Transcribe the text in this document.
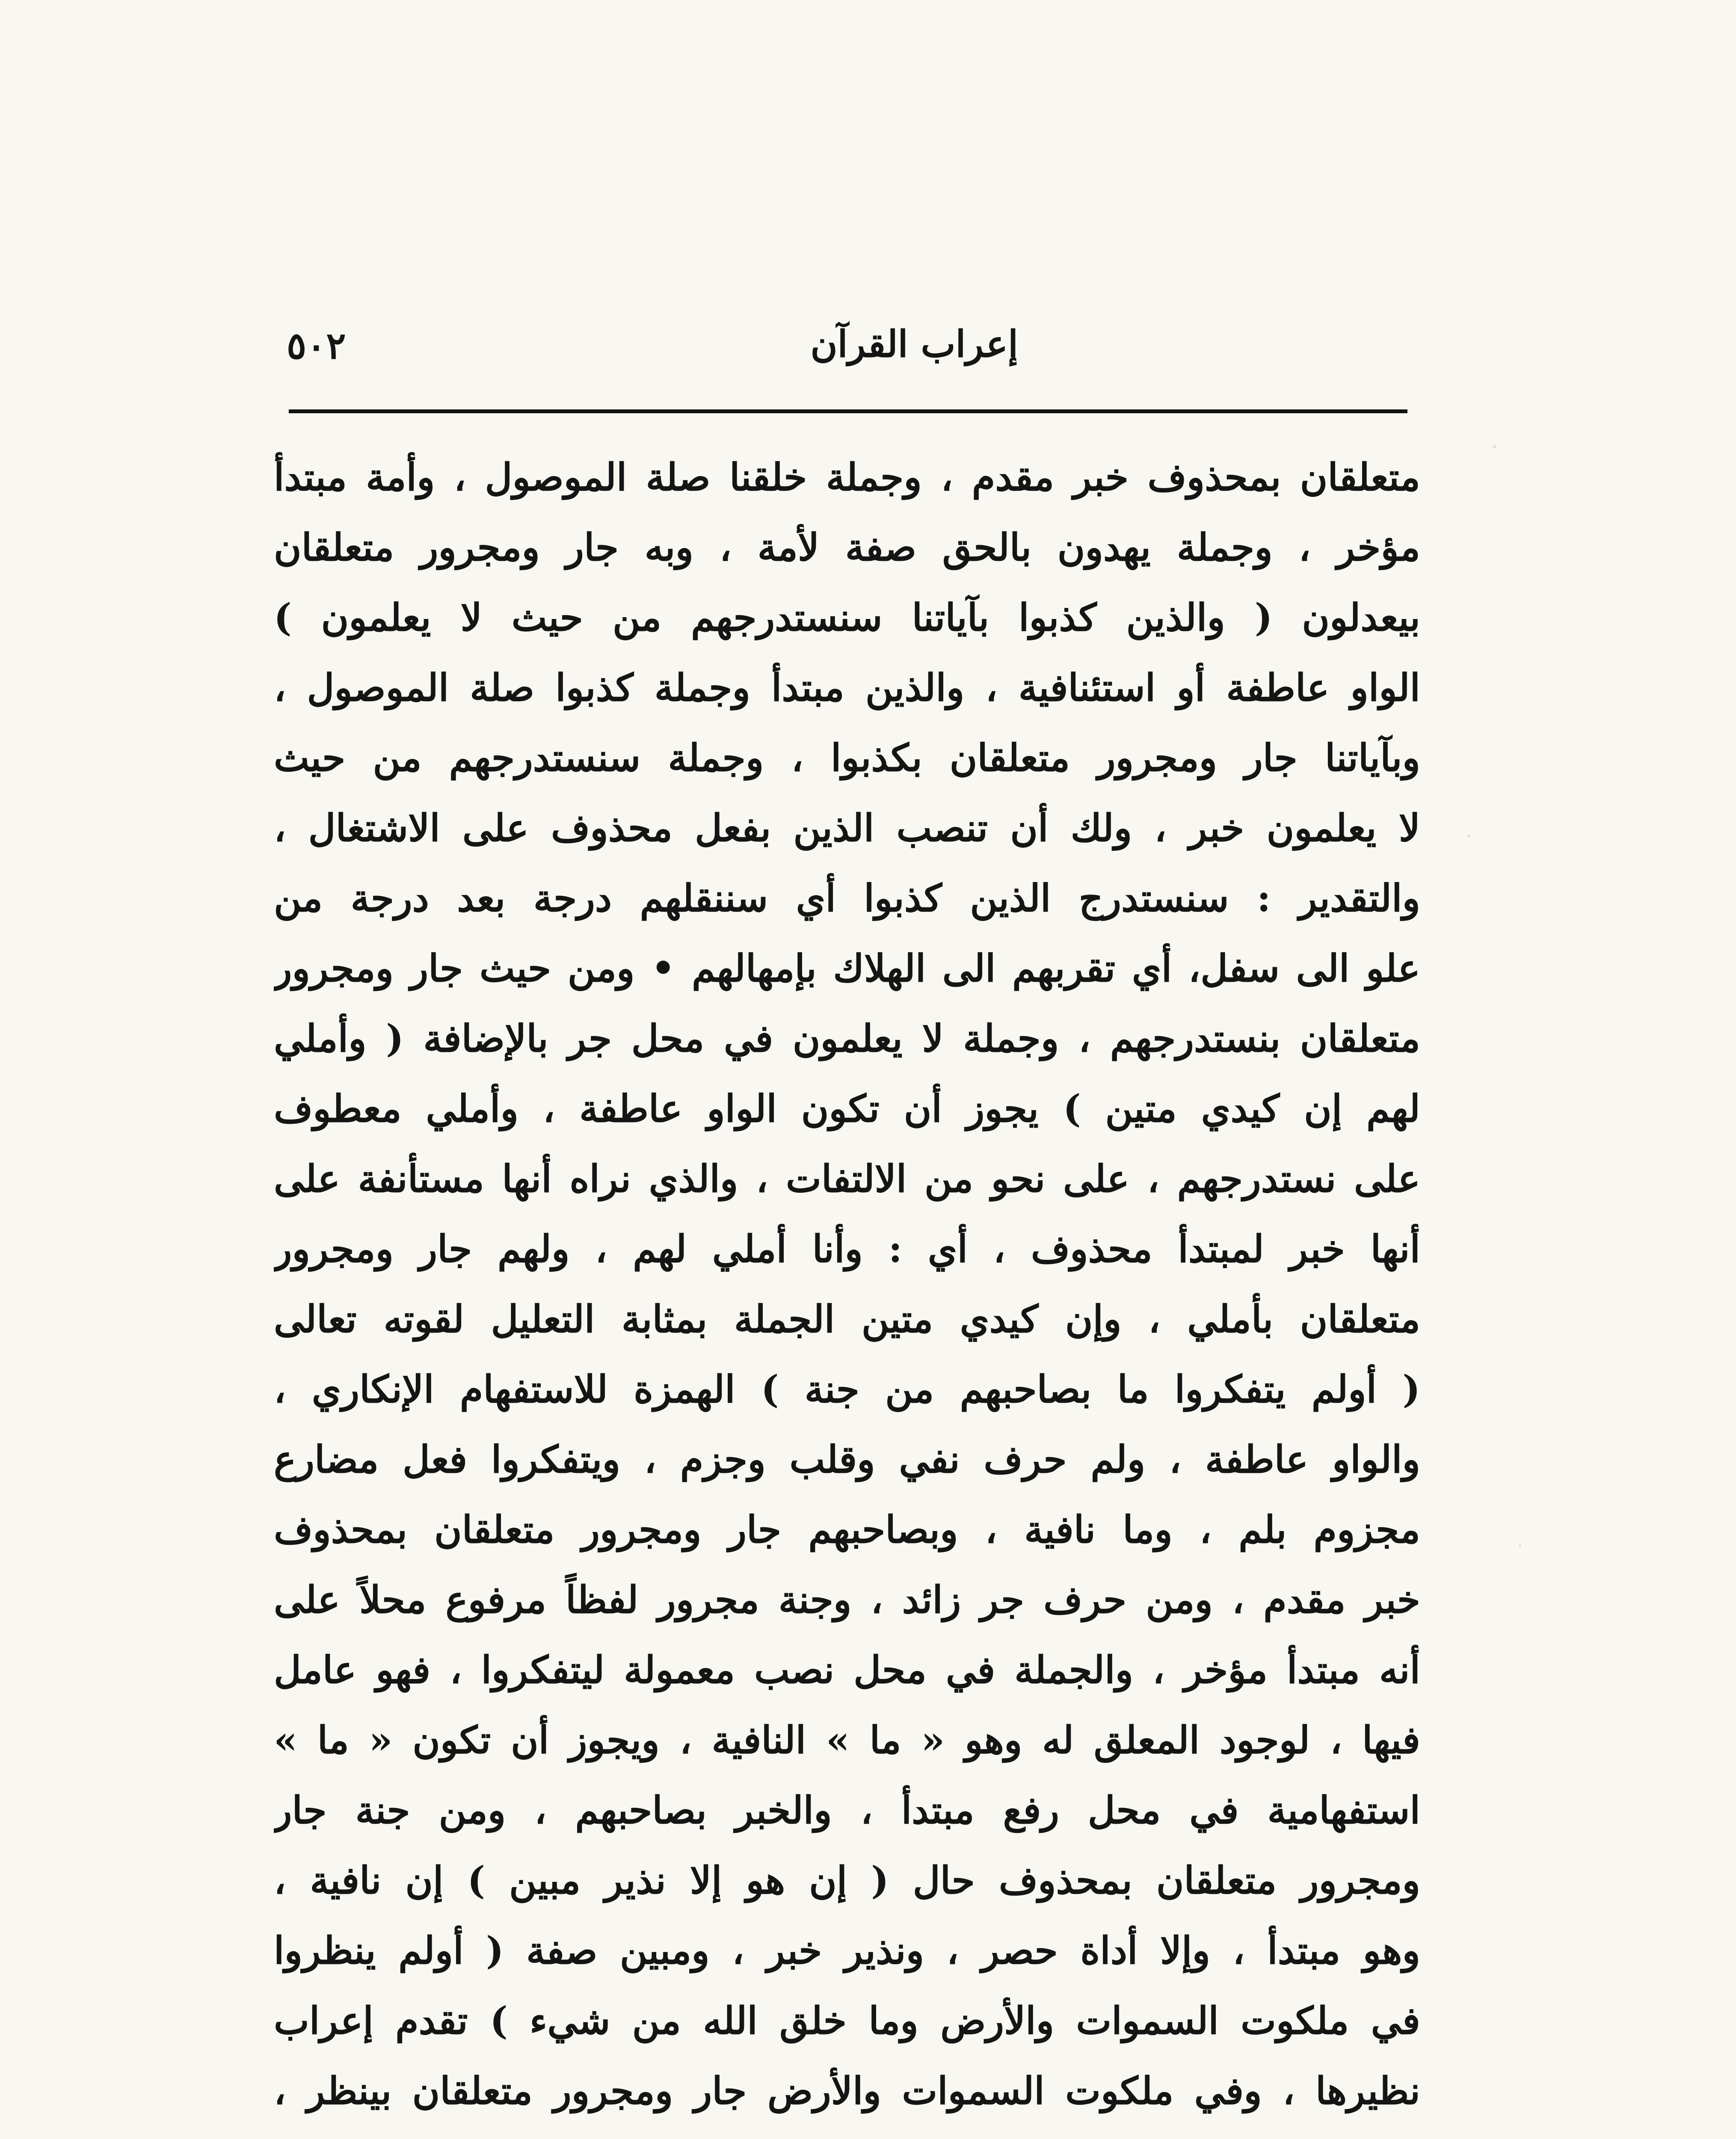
إعراب القرآن
٥٠٢
متعلقان بمحذوف خبر مقدم ، وجملة خلقنا صلة الموصول ، وأمة مبتدأ
مؤخر ، وجملة يهدون بالحق صفة لأمة ، وبه جار ومجرور متعلقان
بيعدلون ( والذين كذبوا بآياتنا سنستدرجهم من حيث لا يعلمون )
الواو عاطفة أو استئنافية ، والذين مبتدأ وجملة كذبوا صلة الموصول ،
وبآياتنا جار ومجرور متعلقان بكذبوا ، وجملة سنستدرجهم من حيث
لا يعلمون خبر ، ولك أن تنصب الذين بفعل محذوف على الاشتغال ،
والتقدير : سنستدرج الذين كذبوا أي سننقلهم درجة بعد درجة من
علو الى سفل، أي تقربهم الى الهلاك بإمهالهم • ومن حيث جار ومجرور
متعلقان بنستدرجهم ، وجملة لا يعلمون في محل جر بالإضافة ( وأملي
لهم إن كيدي متين ) يجوز أن تكون الواو عاطفة ، وأملي معطوف
على نستدرجهم ، على نحو من الالتفات ، والذي نراه أنها مستأنفة على
أنها خبر لمبتدأ محذوف ، أي : وأنا أملي لهم ، ولهم جار ومجرور
متعلقان بأملي ، وإن كيدي متين الجملة بمثابة التعليل لقوته تعالى
( أولم يتفكروا ما بصاحبهم من جنة ) الهمزة للاستفهام الإنكاري ،
والواو عاطفة ، ولم حرف نفي وقلب وجزم ، ويتفكروا فعل مضارع
مجزوم بلم ، وما نافية ، وبصاحبهم جار ومجرور متعلقان بمحذوف
خبر مقدم ، ومن حرف جر زائد ، وجنة مجرور لفظاً مرفوع محلاً على
أنه مبتدأ مؤخر ، والجملة في محل نصب معمولة ليتفكروا ، فهو عامل
فيها ، لوجود المعلق له وهو « ما » النافية ، ويجوز أن تكون « ما »
استفهامية في محل رفع مبتدأ ، والخبر بصاحبهم ، ومن جنة جار
ومجرور متعلقان بمحذوف حال ( إن هو إلا نذير مبين ) إن نافية ،
وهو مبتدأ ، وإلا أداة حصر ، ونذير خبر ، ومبين صفة ( أولم ينظروا
في ملكوت السموات والأرض وما خلق الله من شيء ) تقدم إعراب
نظيرها ، وفي ملكوت السموات والأرض جار ومجرور متعلقان بينظر ،
